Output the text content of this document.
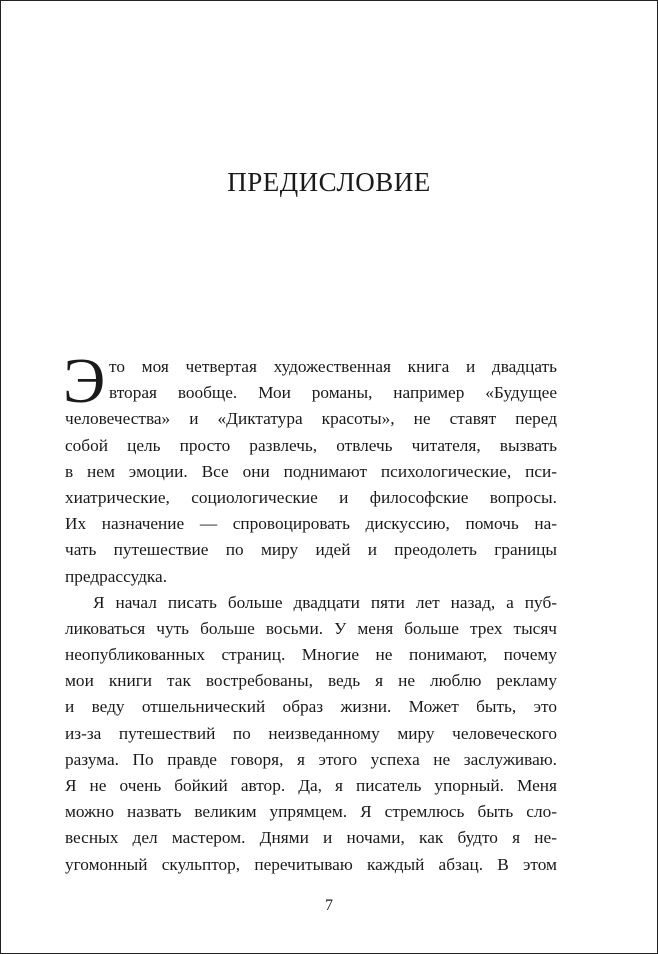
ПРЕДИСЛОВИЕ
Э то моя четвертая художественная книга и двадцать
вторая вообще. Мои романы, например «Будущее
человечества» и «Диктатура красоты», не ставят перед
собой цель просто развлечь, отвлечь читателя, вызвать
в нем эмоции. Все они поднимают психологические, пси-
хиатрические, социологические и философские вопросы.
Их назначение — спровоцировать дискуссию, помочь на-
чать путешествие по миру идей и преодолеть границы
предрассудка.
Я начал писать больше двадцати пяти лет назад, а пуб-
ликоваться чуть больше восьми. У меня больше трех тысяч
неопубликованных страниц. Многие не понимают, почему
мои книги так востребованы, ведь я не люблю рекламу
и веду отшельнический образ жизни. Может быть, это
из-за путешествий по неизведанному миру человеческого
разума. По правде говоря, я этого успеха не заслуживаю.
Я не очень бойкий автор. Да, я писатель упорный. Меня
можно назвать великим упрямцем. Я стремлюсь быть сло-
весных дел мастером. Днями и ночами, как будто я не-
угомонный скульптор, перечитываю каждый абзац. В этом
7
